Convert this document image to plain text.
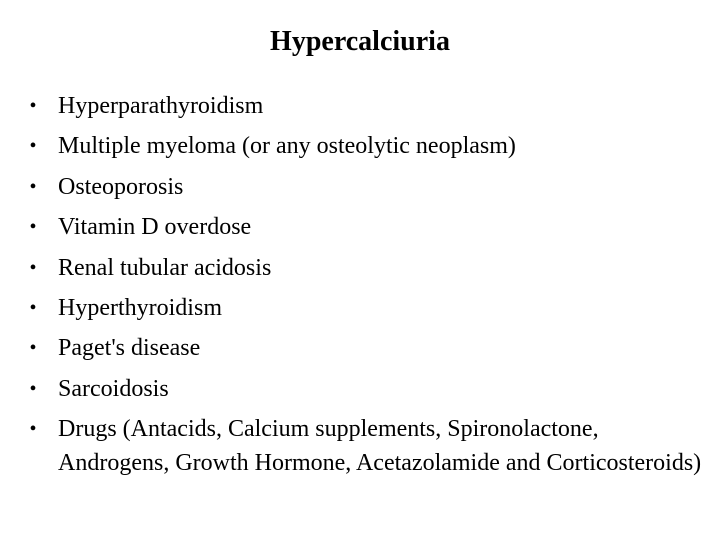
Hypercalciuria
• Hyperparathyroidism
• Multiple myeloma (or any osteolytic neoplasm)
• Osteoporosis
• Vitamin D overdose
• Renal tubular acidosis
• Hyperthyroidism
• Paget's disease
• Sarcoidosis
• Drugs (Antacids, Calcium supplements, Spironolactone, Androgens, Growth Hormone, Acetazolamide and Corticosteroids)
